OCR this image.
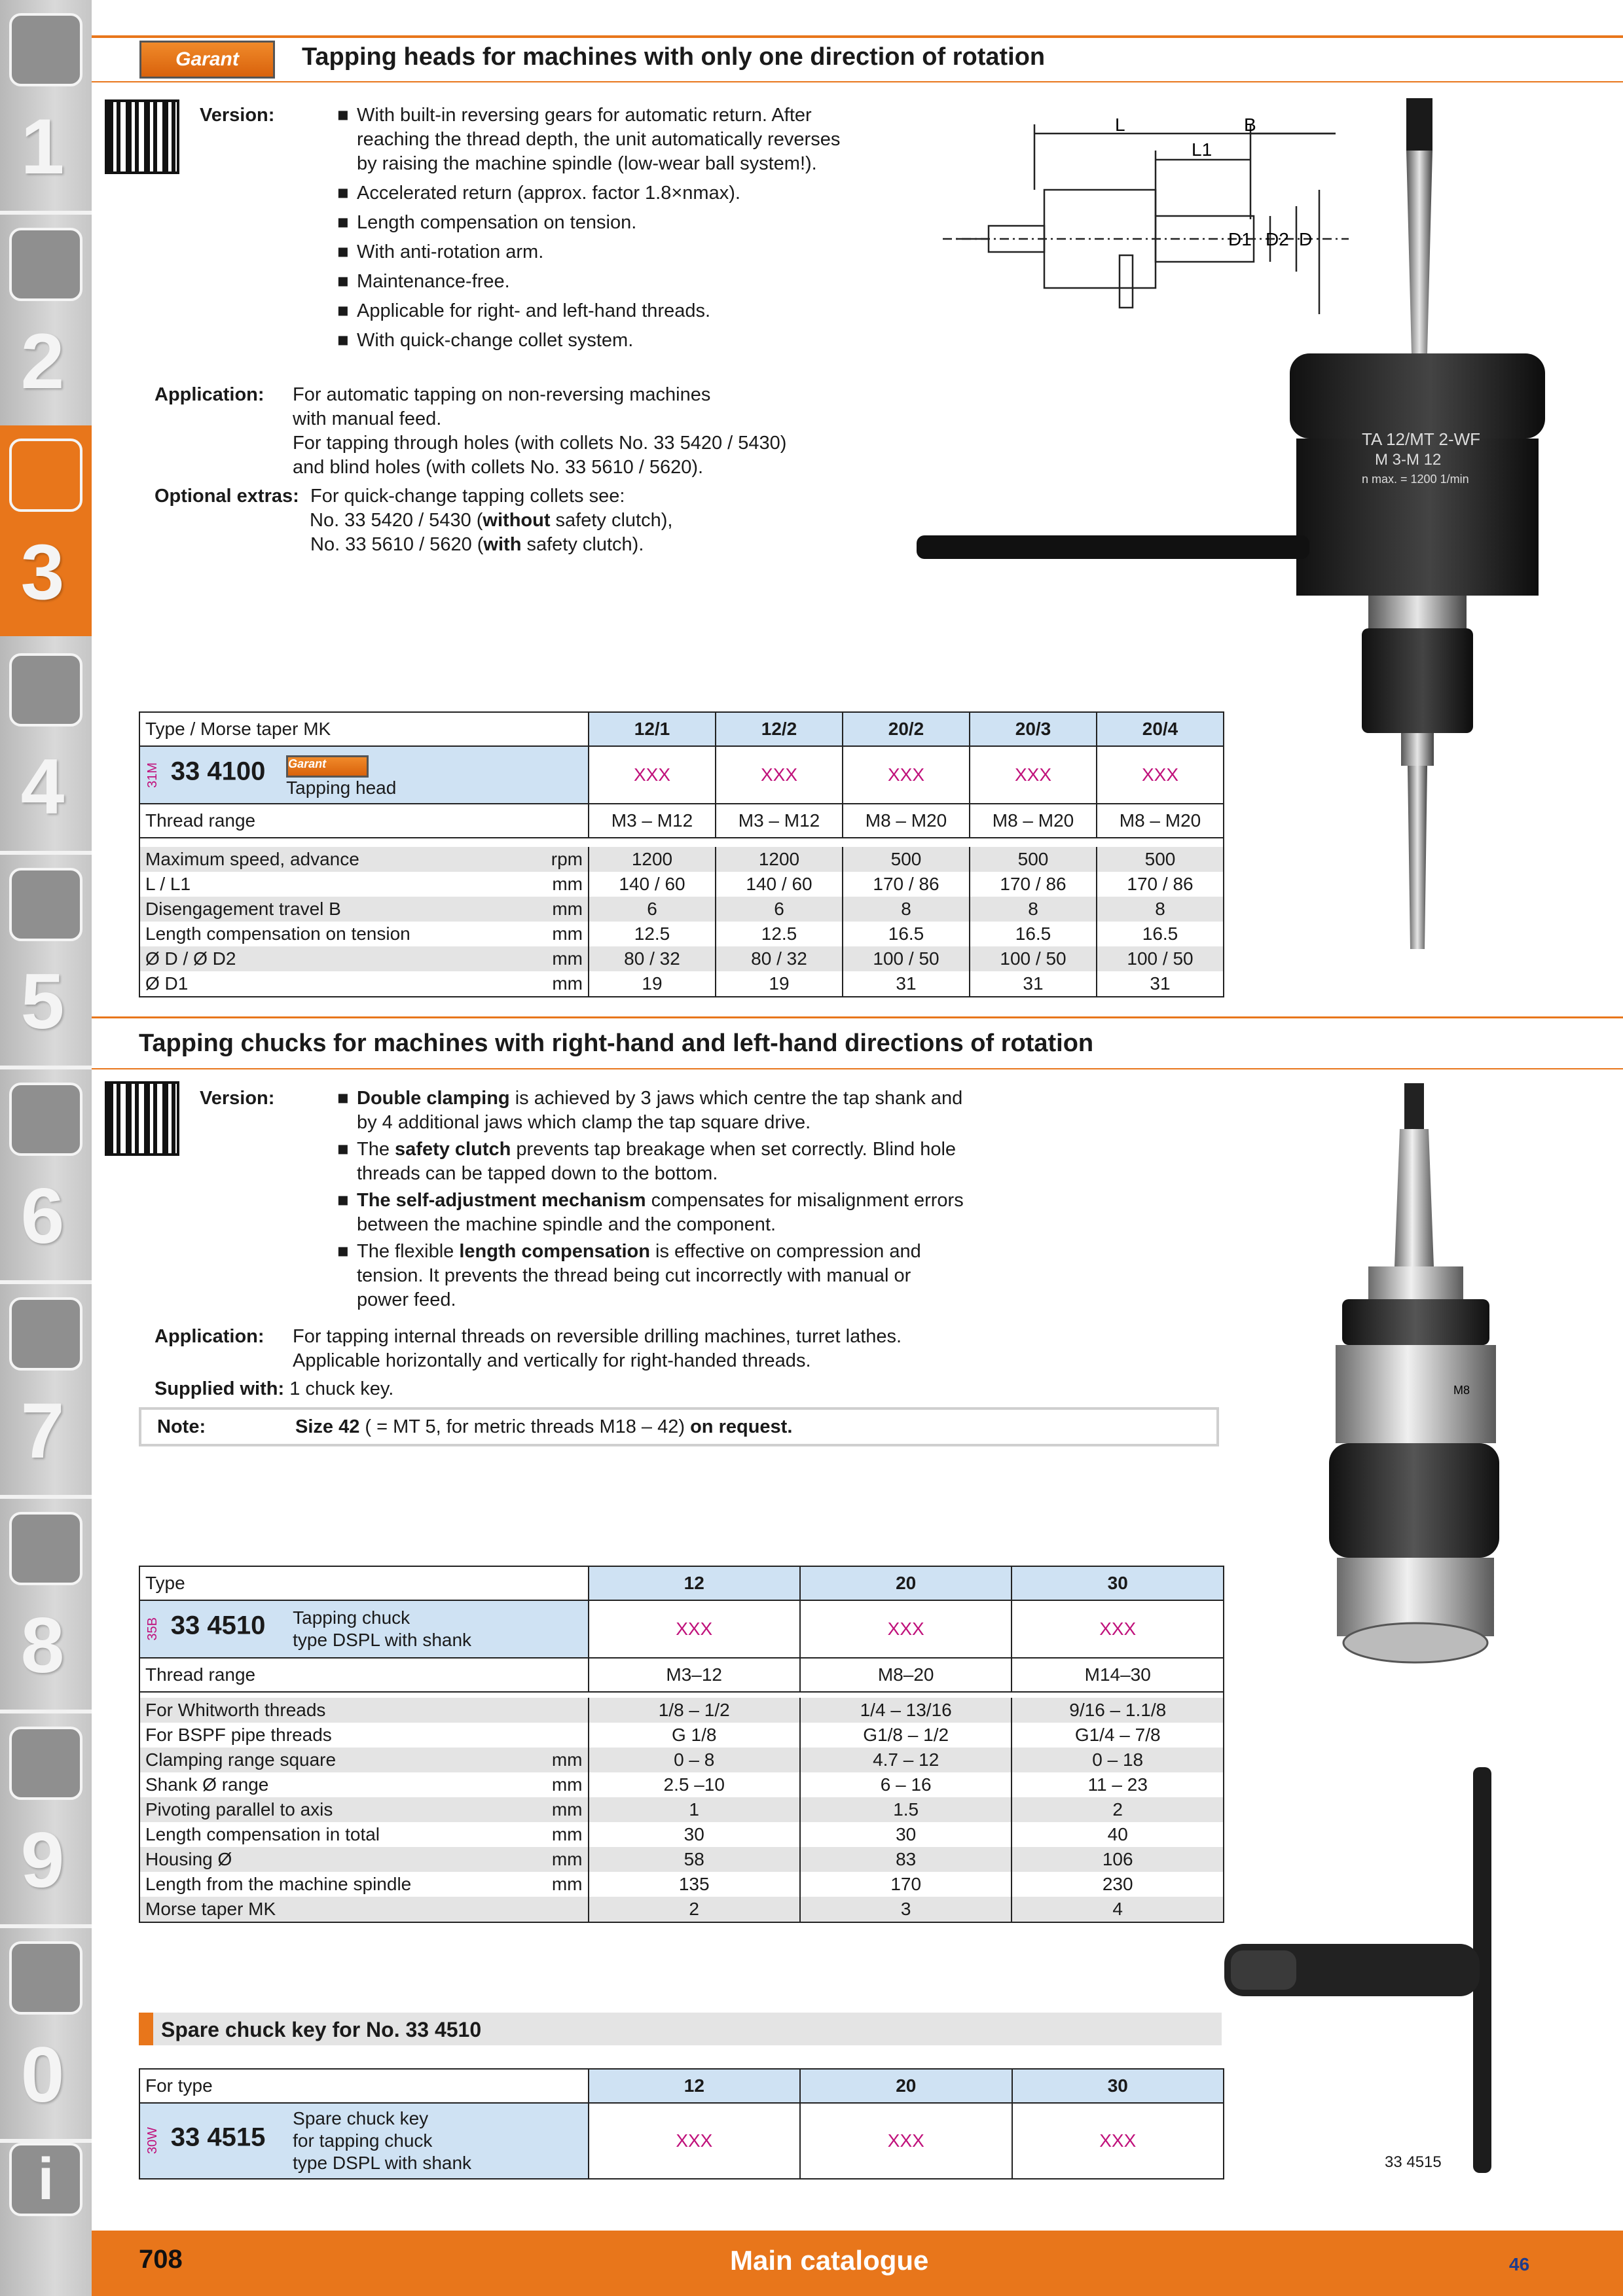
1
2
3
4
5
6
7
8
9
0
i
Garant	Tapping heads for machines with only one direction of rotation
Version:	■ With built-in reversing gears for automatic return. After reaching the thread depth, the unit automatically reverses by raising the machine spindle (low-wear ball system!).
■ Accelerated return (approx. factor 1.8×nmax).
■ Length compensation on tension.
■ With anti-rotation arm.
■ Maintenance-free.
■ Applicable for right- and left-hand threads.
■ With quick-change collet system.
Application: For automatic tapping on non-reversing machines
with manual feed.
For tapping through holes (with collets No. 33 5420 / 5430)
and blind holes (with collets No. 33 5610 / 5620).
Optional extras: For quick-change tapping collets see:
No. 33 5420 / 5430 (without safety clutch),
No. 33 5610 / 5620 (with safety clutch).
L
L1
B
D1 D2 D
TA 12/MT 2-WF
M 3-M 12
n max. = 1200 1/min
Type / Morse taper MK		12/1	12/2	20/2	20/3	20/4
31M 33 4100 Garant
Tapping head		XXX	XXX	XXX	XXX	XXX
Thread range		M3 – M12	M3 – M12	M8 – M20	M8 – M20	M8 – M20

Maximum speed, advance	rpm	1200	1200	500	500	500
L / L1	mm	140 / 60	140 / 60	170 / 86	170 / 86	170 / 86
Disengagement travel B	mm	6	6	8	8	8
Length compensation on tension	mm	12.5	12.5	16.5	16.5	16.5
Ø D / Ø D2	mm	80 / 32	80 / 32	100 / 50	100 / 50	100 / 50
Ø D1	mm	19	19	31	31	31
Tapping chucks for machines with right-hand and left-hand directions of rotation
Version:	■ Double clamping is achieved by 3 jaws which centre the tap shank and by 4 additional jaws which clamp the tap square drive.
■ The safety clutch prevents tap breakage when set correctly. Blind hole threads can be tapped down to the bottom.
■ The self-adjustment mechanism compensates for misalignment errors between the machine spindle and the component.
■ The flexible length compensation is effective on compression and tension. It prevents the thread being cut incorrectly with manual or power feed.
Application: For tapping internal threads on reversible drilling machines, turret lathes.
Applicable horizontally and vertically for right-handed threads.
Supplied with: 1 chuck key.
Note:	Size 42 ( = MT 5, for metric threads M18 – 42) on request.
M8
Type		12	20	30
35B 33 4510 Tapping chuck
type DSPL with shank		XXX	XXX	XXX
Thread range		M3–12	M8–20	M14–30

For Whitworth threads		1/8 – 1/2	1/4 – 13/16	9/16 – 1.1/8
For BSPF pipe threads		G 1/8	G1/8 – 1/2	G1/4 – 7/8
Clamping range square	mm	0 – 8	4.7 – 12	0 – 18
Shank Ø range	mm	2.5 –10	6 – 16	11 – 23
Pivoting parallel to axis	mm	1	1.5	2
Length compensation in total	mm	30	30	40
Housing Ø	mm	58	83	106
Length from the machine spindle	mm	135	170	230
Morse taper MK		2	3	4
33 4515
Spare chuck key for No. 33 4510
For type	12	20	30
30W 33 4515 Spare chuck key
for tapping chuck
type DSPL with shank	XXX	XXX	XXX
708	Main catalogue	46
